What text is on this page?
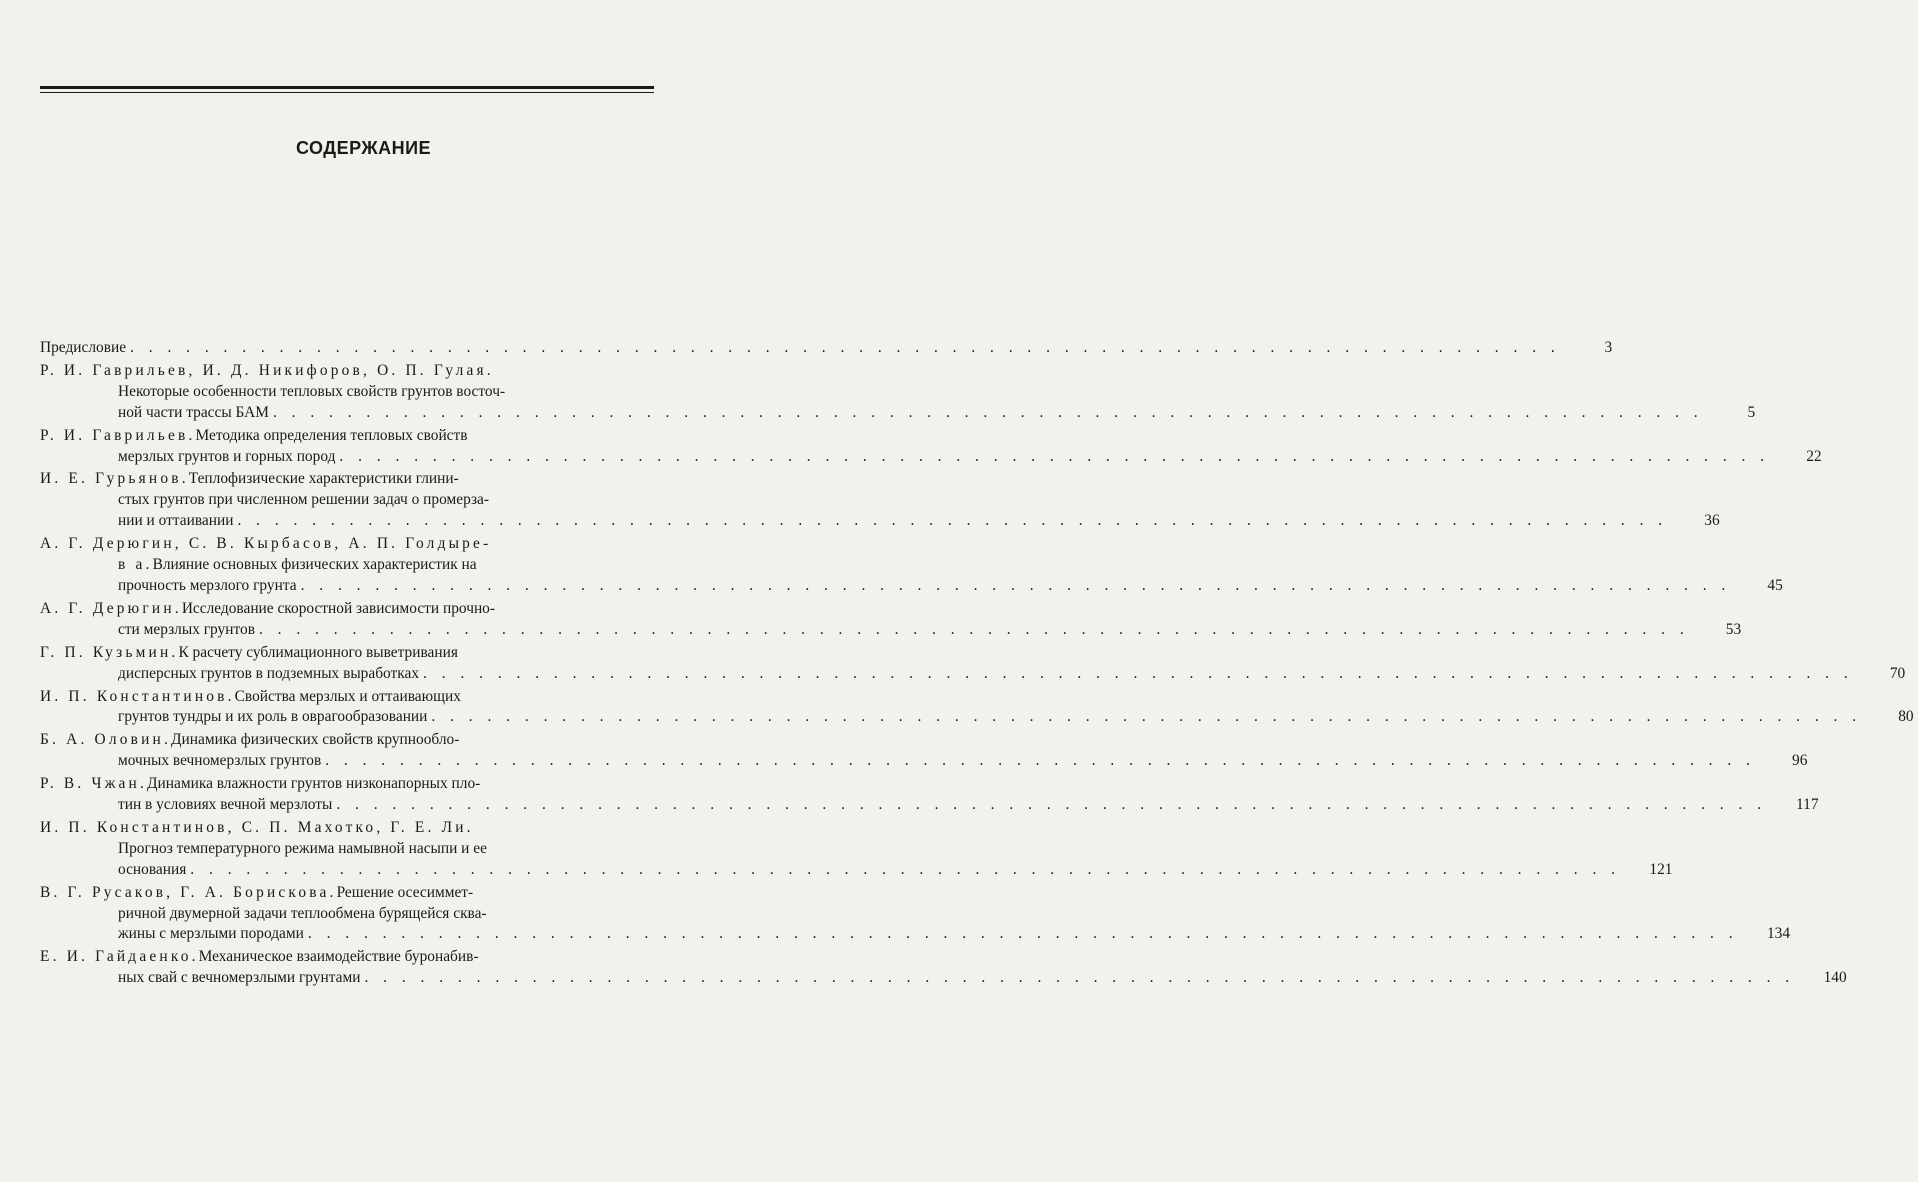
СОДЕРЖАНИЕ
Предисловие . . .	3
Р. И. Гаврильев, И. Д. Никифоров, О. П. Гулая.
Некоторые особенности тепловых свойств грунтов восточ-
ной части трассы БАМ . . .	5
Р. И. Гаврильев. Методика определения тепловых свойств
мерзлых грунтов и горных пород . . .	22
И. Е. Гурьянов. Теплофизические характеристики глини-
стых грунтов при численном решении задач о промерза-
нии и оттаивании . . .	36
А. Г. Дерюгин, С. В. Кырбасов, А. П. Голдыре-
в а. Влияние основных физических характеристик на
прочность мерзлого грунта . . .	45
А. Г. Дерюгин. Исследование скоростной зависимости прочно-
сти мерзлых грунтов . . .	53
Г. П. Кузьмин. К расчету сублимационного выветривания
дисперсных грунтов в подземных выработках . . .	70
И. П. Константинов. Свойства мерзлых и оттаивающих
грунтов тундры и их роль в оврагообразовании . . .	80
Б. А. Оловин. Динамика физических свойств крупнообло-
мочных вечномерзлых грунтов . . .	96
Р. В. Чжан. Динамика влажности грунтов низконапорных пло-
тин в условиях вечной мерзлоты . . .	117
И. П. Константинов, С. П. Махотко, Г. Е. Ли.
Прогноз температурного режима намывной насыпи и ее
основания . . .	121
В. Г. Русаков, Г. А. Борискова. Решение осесиммет-
ричной двумерной задачи теплообмена бурящейся сква-
жины с мерзлыми породами . . .	134
Е. И. Гайдаенко. Механическое взаимодействие буронабив-
ных свай с вечномерзлыми грунтами . . .	140
